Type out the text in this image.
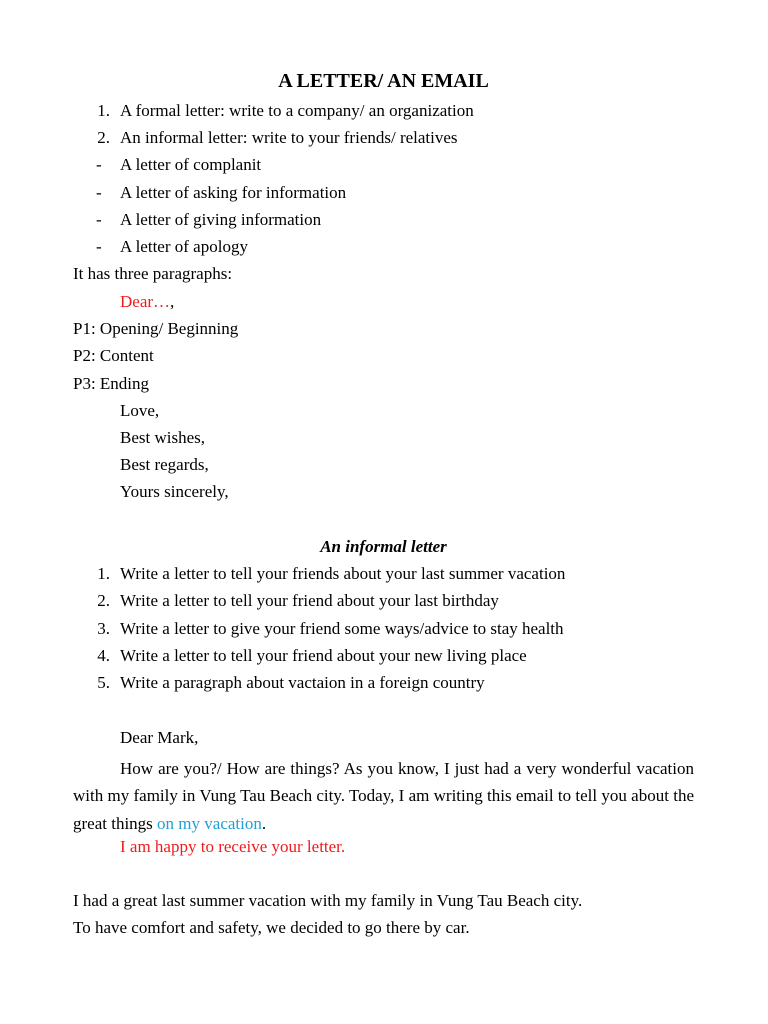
A LETTER/ AN EMAIL
1. A formal letter: write to a company/ an organization
2. An informal letter: write to your friends/ relatives
- A letter of complanit
- A letter of asking for information
- A letter of giving information
- A letter of apology
It has three paragraphs:
Dear…,
P1: Opening/ Beginning
P2: Content
P3: Ending
Love,
Best wishes,
Best regards,
Yours sincerely,
An informal letter
1. Write a letter to tell your friends about your last summer vacation
2. Write a letter to tell your friend about your last birthday
3. Write a letter to give your friend some ways/advice to stay health
4. Write a letter to tell your friend about your new living place
5. Write a paragraph about vactaion in a foreign country
Dear Mark,
How are you?/ How are things? As you know, I just had a very wonderful vacation with my family in Vung Tau Beach city. Today, I am writing this email to tell you about the great things on my vacation.
I am happy to receive your letter.
I had a great last summer vacation with my family in Vung Tau Beach city.
To have comfort and safety, we decided to go there by car.
